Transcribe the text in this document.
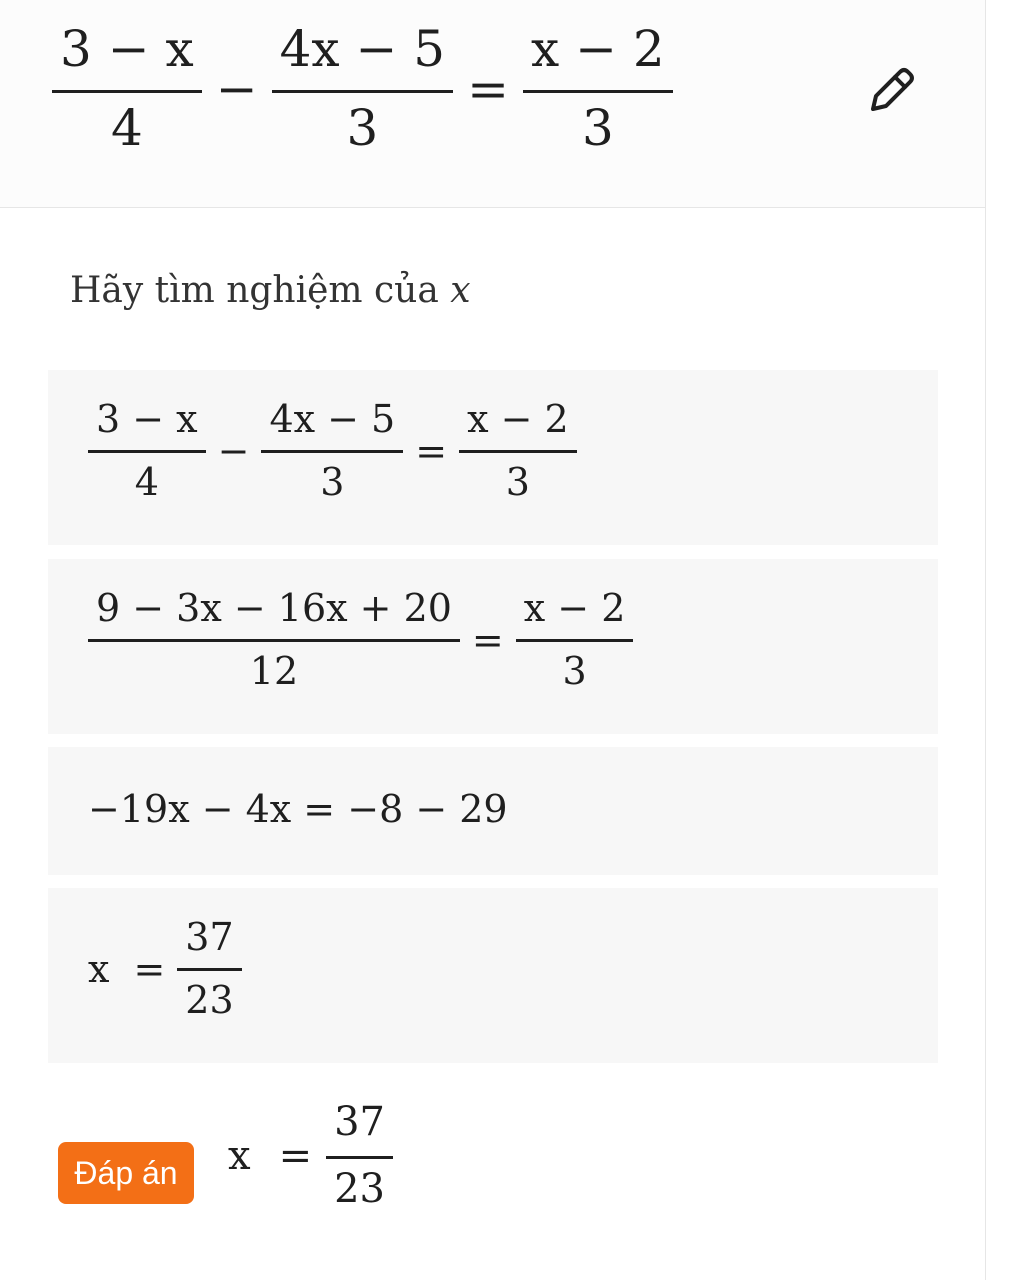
$\frac{3 - x}{4} - \frac{4x - 5}{3} = \frac{x - 2}{3}$
Hãy tìm nghiệm của x
$\frac{3 - x}{4} - \frac{4x - 5}{3} = \frac{x - 2}{3}$
$\frac{9 - 3x - 16x + 20}{12} = \frac{x - 2}{3}$
−19x − 4x = −8 − 29
$x = \frac{37}{23}$
Đáp án	$x = \frac{37}{23}$
